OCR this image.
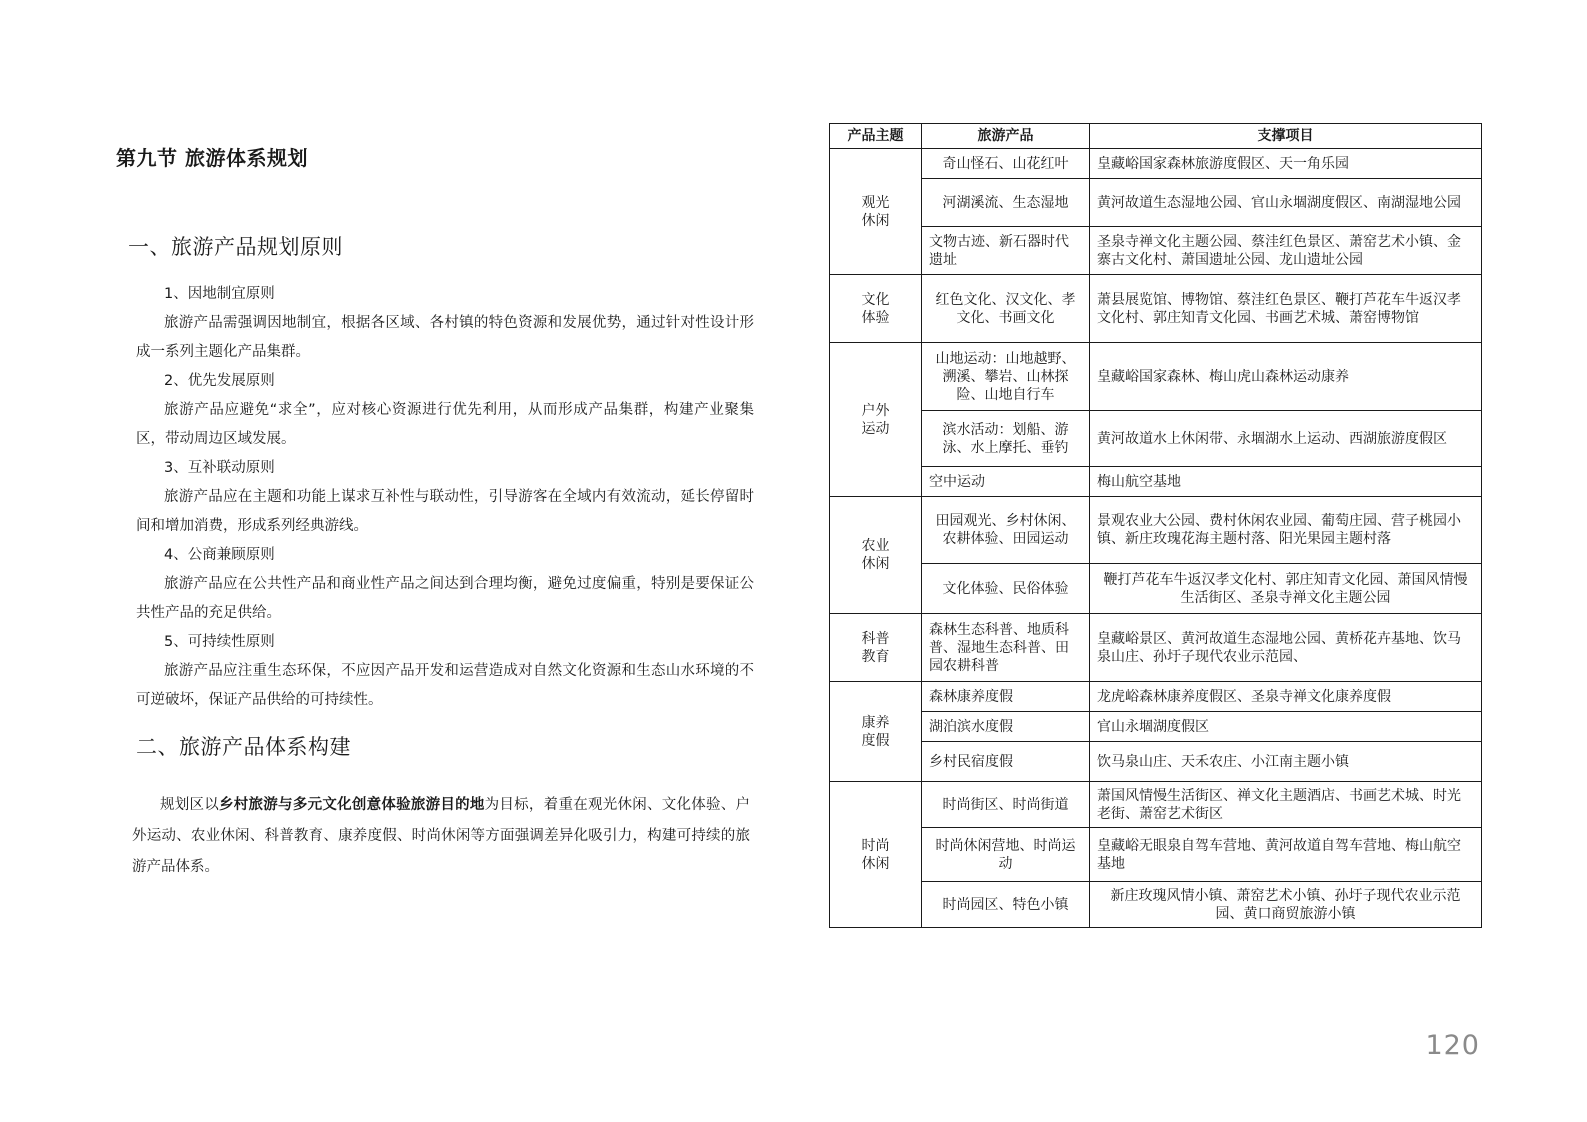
第九节 旅游体系规划
一、旅游产品规划原则

1、因地制宜原则

旅游产品需强调因地制宜，根据各区域、各村镇的特色资源和发展优势，通过针对性设计形成一系列主题化产品集群。

2、优先发展原则

旅游产品应避免“求全”，应对核心资源进行优先利用，从而形成产品集群，构建产业聚集区，带动周边区域发展。

3、互补联动原则

旅游产品应在主题和功能上谋求互补性与联动性，引导游客在全域内有效流动，延长停留时间和增加消费，形成系列经典游线。

4、公商兼顾原则

旅游产品应在公共性产品和商业性产品之间达到合理均衡，避免过度偏重，特别是要保证公共性产品的充足供给。

5、可持续性原则

旅游产品应注重生态环保，不应因产品开发和运营造成对自然文化资源和生态山水环境的不可逆破坏，保证产品供给的可持续性。

二、旅游产品体系构建

规划区以乡村旅游与多元文化创意体验旅游目的地为目标，着重在观光休闲、文化体验、户外运动、农业休闲、科普教育、康养度假、时尚休闲等方面强调差异化吸引力，构建可持续的旅游产品体系。

产品主题	旅游产品	支撑项目
观光
休闲	奇山怪石、山花红叶	皇藏峪国家森林旅游度假区、天一角乐园
	河湖溪流、生态湿地	黄河故道生态湿地公园、官山永堌湖度假区、南湖湿地公园
	文物古迹、新石器时代遗址	圣泉寺禅文化主题公园、蔡洼红色景区、萧窑艺术小镇、金寨古文化村、萧国遗址公园、龙山遗址公园
文化
体验	红色文化、汉文化、孝文化、书画文化	萧县展览馆、博物馆、蔡洼红色景区、鞭打芦花车牛返汉孝文化村、郭庄知青文化园、书画艺术城、萧窑博物馆
户外
运动	山地运动：山地越野、溯溪、攀岩、山林探险、山地自行车	皇藏峪国家森林、梅山虎山森林运动康养
	滨水活动：划船、游泳、水上摩托、垂钓	黄河故道水上休闲带、永堌湖水上运动、西湖旅游度假区
	空中运动	梅山航空基地
农业
休闲	田园观光、乡村休闲、农耕体验、田园运动	景观农业大公园、费村休闲农业园、葡萄庄园、营子桃园小镇、新庄玫瑰花海主题村落、阳光果园主题村落
	文化体验、民俗体验	鞭打芦花车牛返汉孝文化村、郭庄知青文化园、萧国风情慢生活街区、圣泉寺禅文化主题公园
科普
教育	森林生态科普、地质科普、湿地生态科普、田园农耕科普	皇藏峪景区、黄河故道生态湿地公园、黄桥花卉基地、饮马泉山庄、孙圩子现代农业示范园、
康养
度假	森林康养度假	龙虎峪森林康养度假区、圣泉寺禅文化康养度假
	湖泊滨水度假	官山永堌湖度假区
	乡村民宿度假	饮马泉山庄、天禾农庄、小江南主题小镇
时尚
休闲	时尚街区、时尚街道	萧国风情慢生活街区、禅文化主题酒店、书画艺术城、时光老街、萧窑艺术街区
	时尚休闲营地、时尚运动	皇藏峪无眼泉自驾车营地、黄河故道自驾车营地、梅山航空基地
	时尚园区、特色小镇	新庄玫瑰风情小镇、萧窑艺术小镇、孙圩子现代农业示范园、黄口商贸旅游小镇
120
